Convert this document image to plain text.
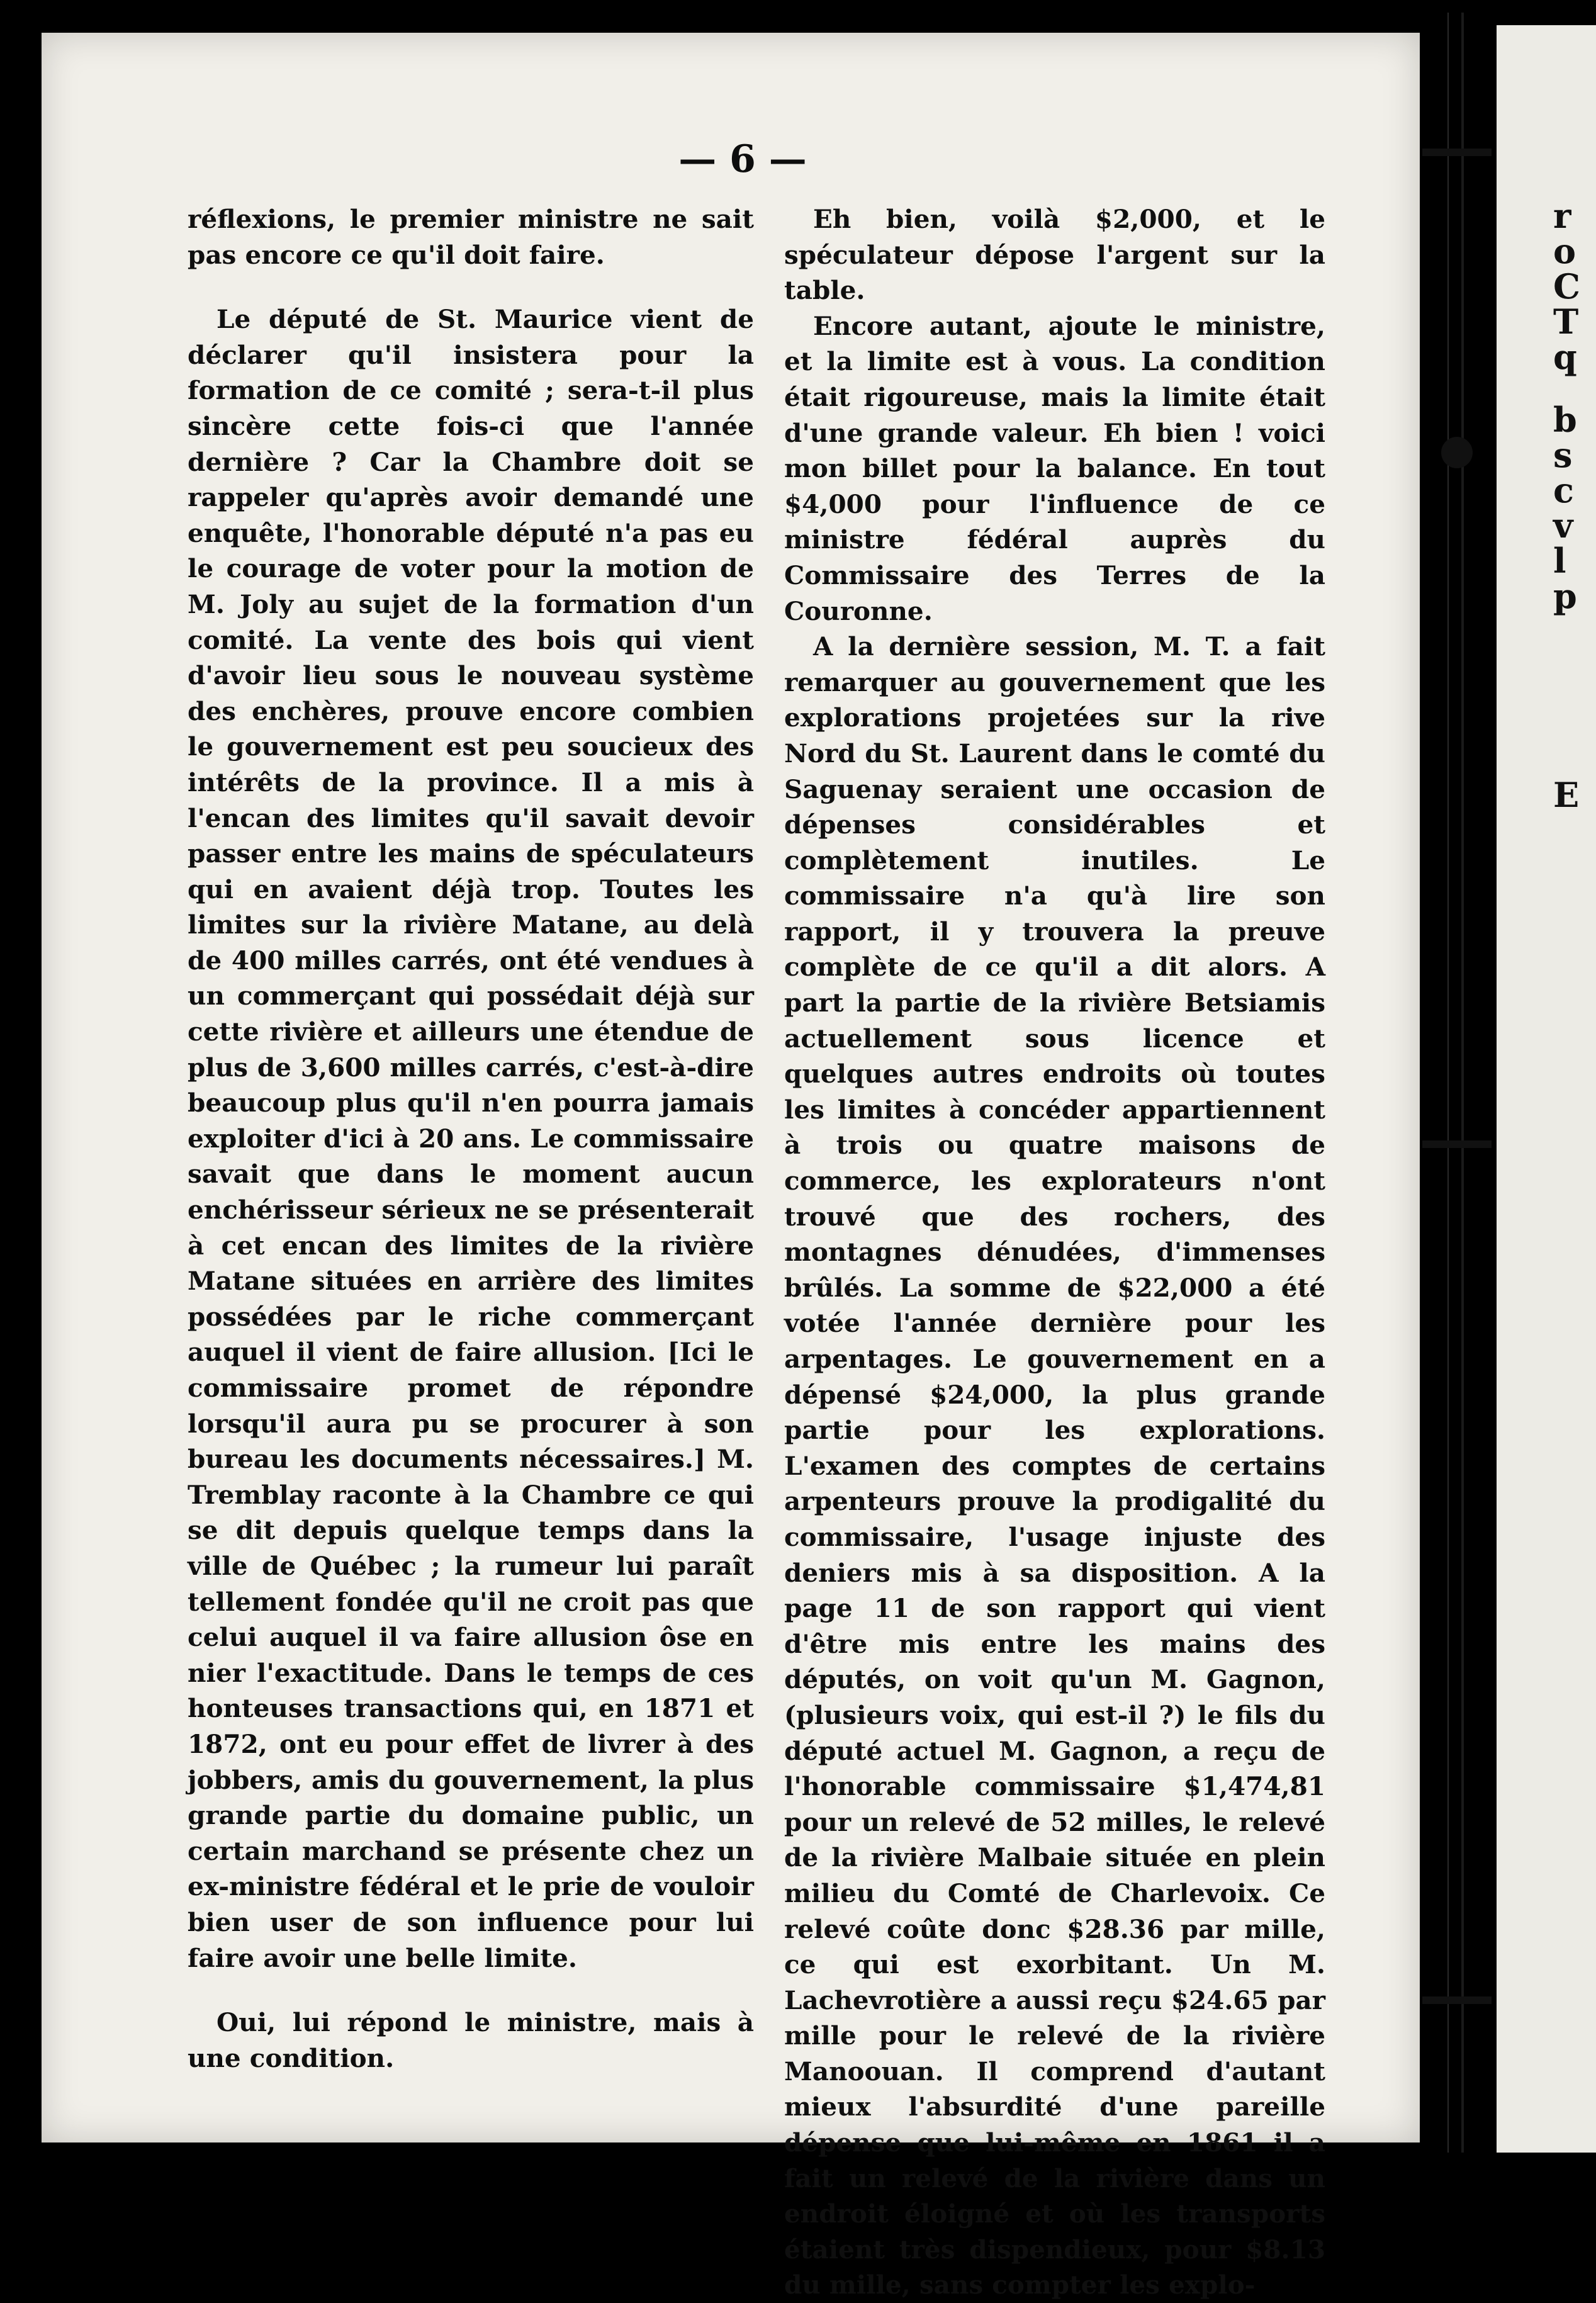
r
o
C
T
q
b
s
c
v
l
p
E
— 6 —

réflexions, le premier ministre ne sait pas encore ce qu'il doit faire.

Le député de St. Maurice vient de déclarer qu'il insistera pour la formation de ce comité ; sera-t-il plus sincère cette fois-ci que l'année dernière ? Car la Chambre doit se rappeler qu'après avoir demandé une enquête, l'honorable député n'a pas eu le courage de voter pour la motion de M. Joly au sujet de la formation d'un comité. La vente des bois qui vient d'avoir lieu sous le nouveau système des enchères, prouve encore combien le gouvernement est peu soucieux des intérêts de la province. Il a mis à l'encan des limites qu'il savait devoir passer entre les mains de spéculateurs qui en avaient déjà trop. Toutes les limites sur la rivière Matane, au delà de 400 milles carrés, ont été vendues à un commerçant qui possédait déjà sur cette rivière et ailleurs une étendue de plus de 3,600 milles carrés, c'est-à-dire beaucoup plus qu'il n'en pourra jamais exploiter d'ici à 20 ans. Le commissaire savait que dans le moment aucun enchérisseur sérieux ne se présenterait à cet encan des limites de la rivière Matane situées en arrière des limites possédées par le riche commerçant auquel il vient de faire allusion. [Ici le commissaire promet de répondre lorsqu'il aura pu se procurer à son bureau les documents nécessaires.] M. Tremblay raconte à la Chambre ce qui se dit depuis quelque temps dans la ville de Québec ; la rumeur lui paraît tellement fondée qu'il ne croit pas que celui auquel il va faire allusion ôse en nier l'exactitude. Dans le temps de ces honteuses transactions qui, en 1871 et 1872, ont eu pour effet de livrer à des jobbers, amis du gouvernement, la plus grande partie du domaine public, un certain marchand se présente chez un ex-ministre fédéral et le prie de vouloir bien user de son influence pour lui faire avoir une belle limite.

Oui, lui répond le ministre, mais à une condition.

Eh bien, voilà $2,000, et le spéculateur dépose l'argent sur la table.

Encore autant, ajoute le ministre, et la limite est à vous. La condition était rigoureuse, mais la limite était d'une grande valeur. Eh bien ! voici mon billet pour la balance. En tout $4,000 pour l'influence de ce ministre fédéral auprès du Commissaire des Terres de la Couronne.

A la dernière session, M. T. a fait remarquer au gouvernement que les explorations projetées sur la rive Nord du St. Laurent dans le comté du Saguenay seraient une occasion de dépenses considérables et complètement inutiles. Le commissaire n'a qu'à lire son rapport, il y trouvera la preuve complète de ce qu'il a dit alors. A part la partie de la rivière Betsiamis actuellement sous licence et quelques autres endroits où toutes les limites à concéder appartiennent à trois ou quatre maisons de commerce, les explorateurs n'ont trouvé que des rochers, des montagnes dénudées, d'immenses brûlés. La somme de $22,000 a été votée l'année dernière pour les arpentages. Le gouvernement en a dépensé $24,000, la plus grande partie pour les explorations. L'examen des comptes de certains arpenteurs prouve la prodigalité du commissaire, l'usage injuste des deniers mis à sa disposition. A la page 11 de son rapport qui vient d'être mis entre les mains des députés, on voit qu'un M. Gagnon, (plusieurs voix, qui est-il ?) le fils du député actuel M. Gagnon, a reçu de l'honorable commissaire $1,474,81 pour un relevé de 52 milles, le relevé de la rivière Malbaie située en plein milieu du Comté de Charlevoix. Ce relevé coûte donc $28.36 par mille, ce qui est exorbitant. Un M. Lachevrotière a aussi reçu $24.65 par mille pour le relevé de la rivière Manoouan. Il comprend d'autant mieux l'absurdité d'une pareille dépense que lui-même en 1861 il a fait un relevé de la rivière dans un endroit éloigné et où les transports étaient très dispendieux, pour $8.13 du mille, sans compter les explo-
